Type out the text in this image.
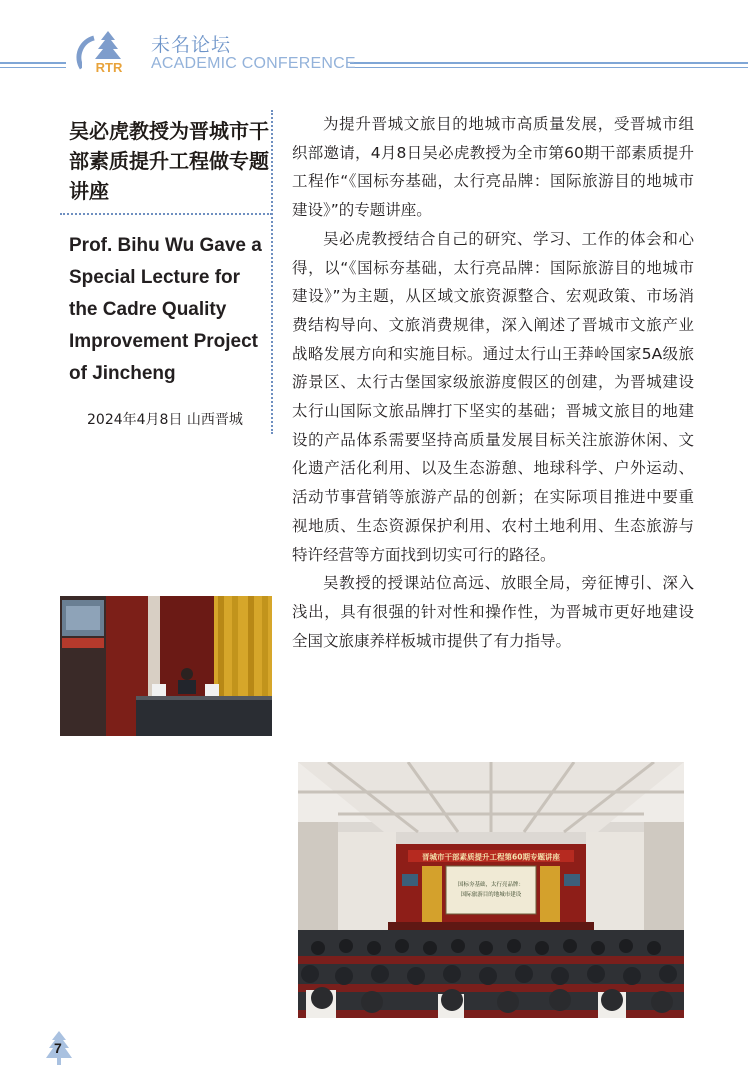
RTR
未名论坛
ACADEMIC CONFERENCE
吴必虎教授为晋城市干部素质提升工程做专题讲座
Prof. Bihu Wu Gave a Special Lecture for the Cadre Quality Improvement Project of Jincheng
2024年4月8日 山西晋城

为提升晋城文旅目的地城市高质量发展，受晋城市组织部邀请，4月8日吴必虎教授为全市第60期干部素质提升工程作“《国标夯基础，太行亮品牌：国际旅游目的地城市建设》”的专题讲座。

吴必虎教授结合自己的研究、学习、工作的体会和心得，以“《国标夯基础，太行亮品牌：国际旅游目的地城市建设》”为主题，从区域文旅资源整合、宏观政策、市场消费结构导向、文旅消费规律，深入阐述了晋城市文旅产业战略发展方向和实施目标。通过太行山王莽岭国家5A级旅游景区、太行古堡国家级旅游度假区的创建，为晋城建设太行山国际文旅品牌打下坚实的基础；晋城文旅目的地建设的产品体系需要坚持高质量发展目标关注旅游休闲、文化遗产活化利用、以及生态游憩、地球科学、户外运动、活动节事营销等旅游产品的创新；在实际项目推进中要重视地质、生态资源保护利用、农村土地利用、生态旅游与特许经营等方面找到切实可行的路径。

吴教授的授课站位高远、放眼全局，旁征博引、深入浅出，具有很强的针对性和操作性，为晋城市更好地建设全国文旅康养样板城市提供了有力指导。

晋城市干部素质提升工程第60期专题讲座
国标夯基础，太行亮品牌：
国际旅游目的地城市建设
7
